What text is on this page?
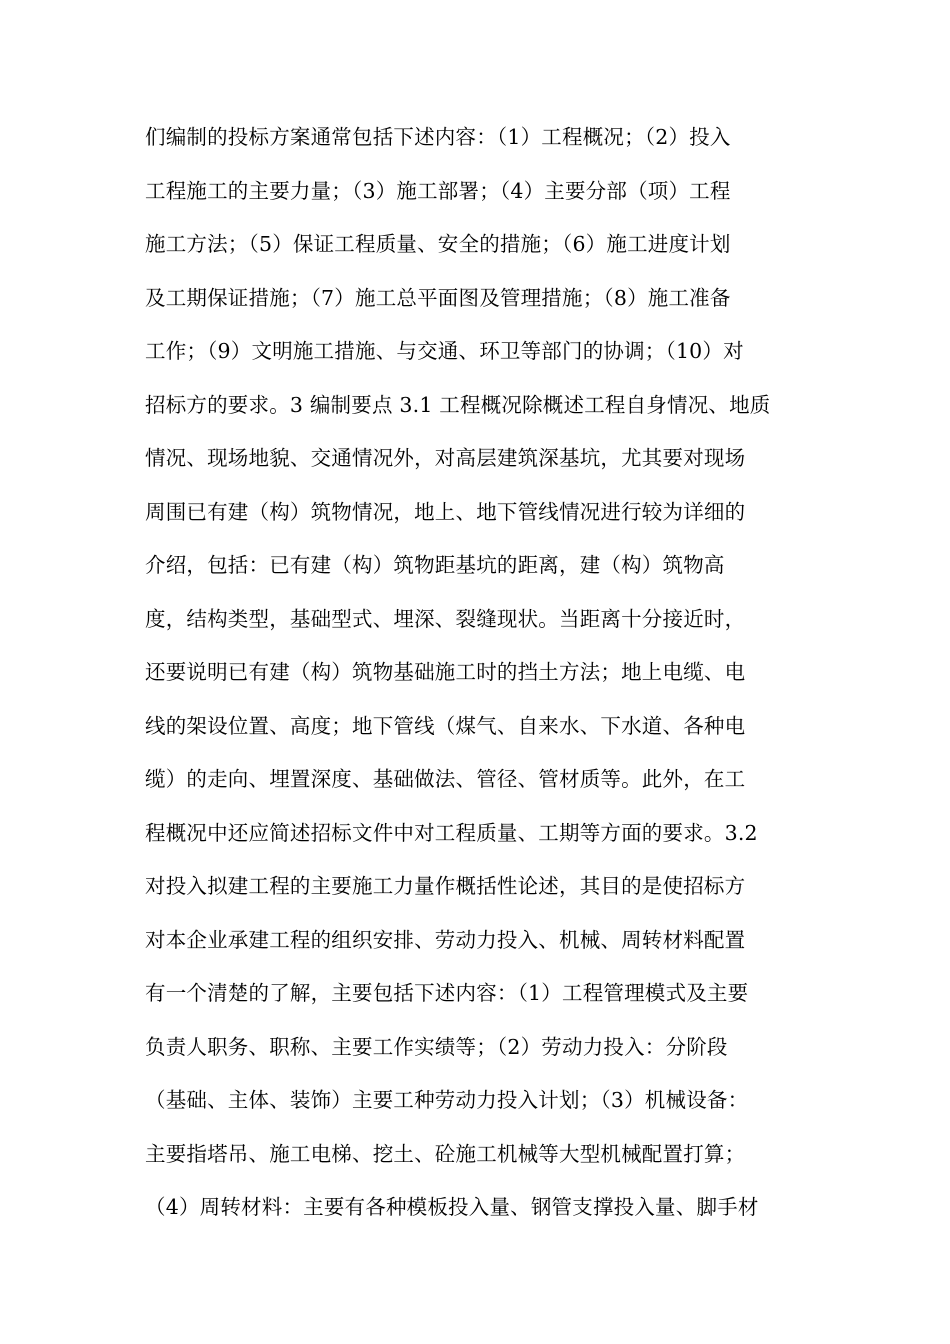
们编制的投标方案通常包括下述内容：（1）工程概况；（2）投入
工程施工的主要力量；（3）施工部署；（4）主要分部（项）工程
施工方法；（5）保证工程质量、安全的措施；（6）施工进度计划
及工期保证措施；（7）施工总平面图及管理措施；（8）施工准备
工作；（9）文明施工措施、与交通、环卫等部门的协调；（10）对
招标方的要求。3 编制要点 3.1 工程概况除概述工程自身情况、地质
情况、现场地貌、交通情况外，对高层建筑深基坑，尤其要对现场
周围已有建（构）筑物情况，地上、地下管线情况进行较为详细的
介绍，包括：已有建（构）筑物距基坑的距离，建（构）筑物高
度，结构类型，基础型式、埋深、裂缝现状。当距离十分接近时，
还要说明已有建（构）筑物基础施工时的挡土方法；地上电缆、电
线的架设位置、高度；地下管线（煤气、自来水、下水道、各种电
缆）的走向、埋置深度、基础做法、管径、管材质等。此外，在工
程概况中还应简述招标文件中对工程质量、工期等方面的要求。3.2
对投入拟建工程的主要施工力量作概括性论述，其目的是使招标方
对本企业承建工程的组织安排、劳动力投入、机械、周转材料配置
有一个清楚的了解，主要包括下述内容：（1）工程管理模式及主要
负责人职务、职称、主要工作实绩等；（2）劳动力投入：分阶段
（基础、主体、装饰）主要工种劳动力投入计划；（3）机械设备：
主要指塔吊、施工电梯、挖土、砼施工机械等大型机械配置打算；
（4）周转材料：主要有各种模板投入量、钢管支撑投入量、脚手材
